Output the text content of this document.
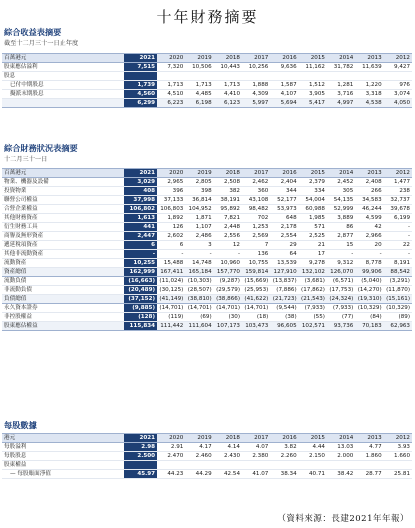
十年財務摘要
綜合收益表摘要
截至十二月三十一日止年度
百萬港元	2021	2020	2019	2018	2017	2016	2015	2014	2013	2012
股東應佔溢利	7,515	7,320	10,506	10,443	10,256	9,636	11,162	31,782	11,639	9,427
股息										
已付中期股息	1,739	1,713	1,713	1,713	1,888	1,587	1,512	1,281	1,220	976
擬派末期股息	4,560	4,510	4,485	4,410	4,309	4,107	3,905	3,716	3,318	3,074
	6,299	6,223	6,198	6,123	5,997	5,694	5,417	4,997	4,538	4,050
綜合財務狀況表摘要
十二月三十一日
百萬港元	2021	2020	2019	2018	2017	2016	2015	2014	2013	2012
物業、機器及設備	3,029	2,965	2,805	2,508	2,462	2,404	2,379	2,452	2,408	1,477
投資物業	408	396	398	382	360	344	334	305	266	238
聯營公司權益	37,998	37,133	36,814	38,191	43,108	52,177	54,004	54,135	34,583	32,737
合營企業權益	106,802	106,803	104,952	95,892	98,482	53,973	60,988	52,999	46,244	39,678
其他財務資產	1,613	1,892	1,871	7,821	702	648	1,985	3,889	4,599	6,199
衍生財務工具	441	126	1,107	2,448	1,253	2,178	571	86	42	-
商譽及無形資產	2,447	2,602	2,486	2,556	2,569	2,554	2,525	2,877	2,966	-
遞延稅項資產	6	6	3	12	7	29	21	15	20	22
其他非流動資產	-	-	-	-	136	64	17	-	-	-
流動資產	10,255	15,488	14,748	10,960	10,755	13,539	9,278	9,312	8,778	8,191
資產總值	162,999	167,411	165,184	157,770	159,814	127,910	132,102	126,070	99,906	88,542
流動負債	(16,663)	(11,024)	(10,303)	(9,287)	(15,669)	(13,837)	(3,681)	(6,571)	(5,040)	(3,291)
非流動負債	(20,489)	(30,125)	(28,507)	(29,579)	(25,953)	(7,886)	(17,862)	(17,753)	(14,270)	(11,870)
負債總值	(37,152)	(41,149)	(38,810)	(38,866)	(41,622)	(21,723)	(21,543)	(24,324)	(19,310)	(15,161)
永久資本證券	(9,885)	(14,701)	(14,701)	(14,701)	(14,701)	(9,544)	(7,933)	(7,933)	(10,329)	(10,329)
非控股權益	(128)	(119)	(69)	(30)	(18)	(38)	(55)	(77)	(84)	(89)
股東應佔權益	115,834	111,442	111,604	107,173	103,473	96,605	102,571	93,736	70,183	62,963
每股數據
港元	2021	2020	2019	2018	2017	2016	2015	2014	2013	2012
每股溢利	2.98	2.91	4.17	4.14	4.07	3.82	4.44	13.03	4.77	3.93
每股股息	2.500	2.470	2.460	2.430	2.380	2.260	2.150	2.000	1.860	1.660
股東權益										
— 每股賬面淨值	45.97	44.23	44.29	42.54	41.07	38.34	40.71	38.42	28.77	25.81
（資料來源：長建2021年年報）
